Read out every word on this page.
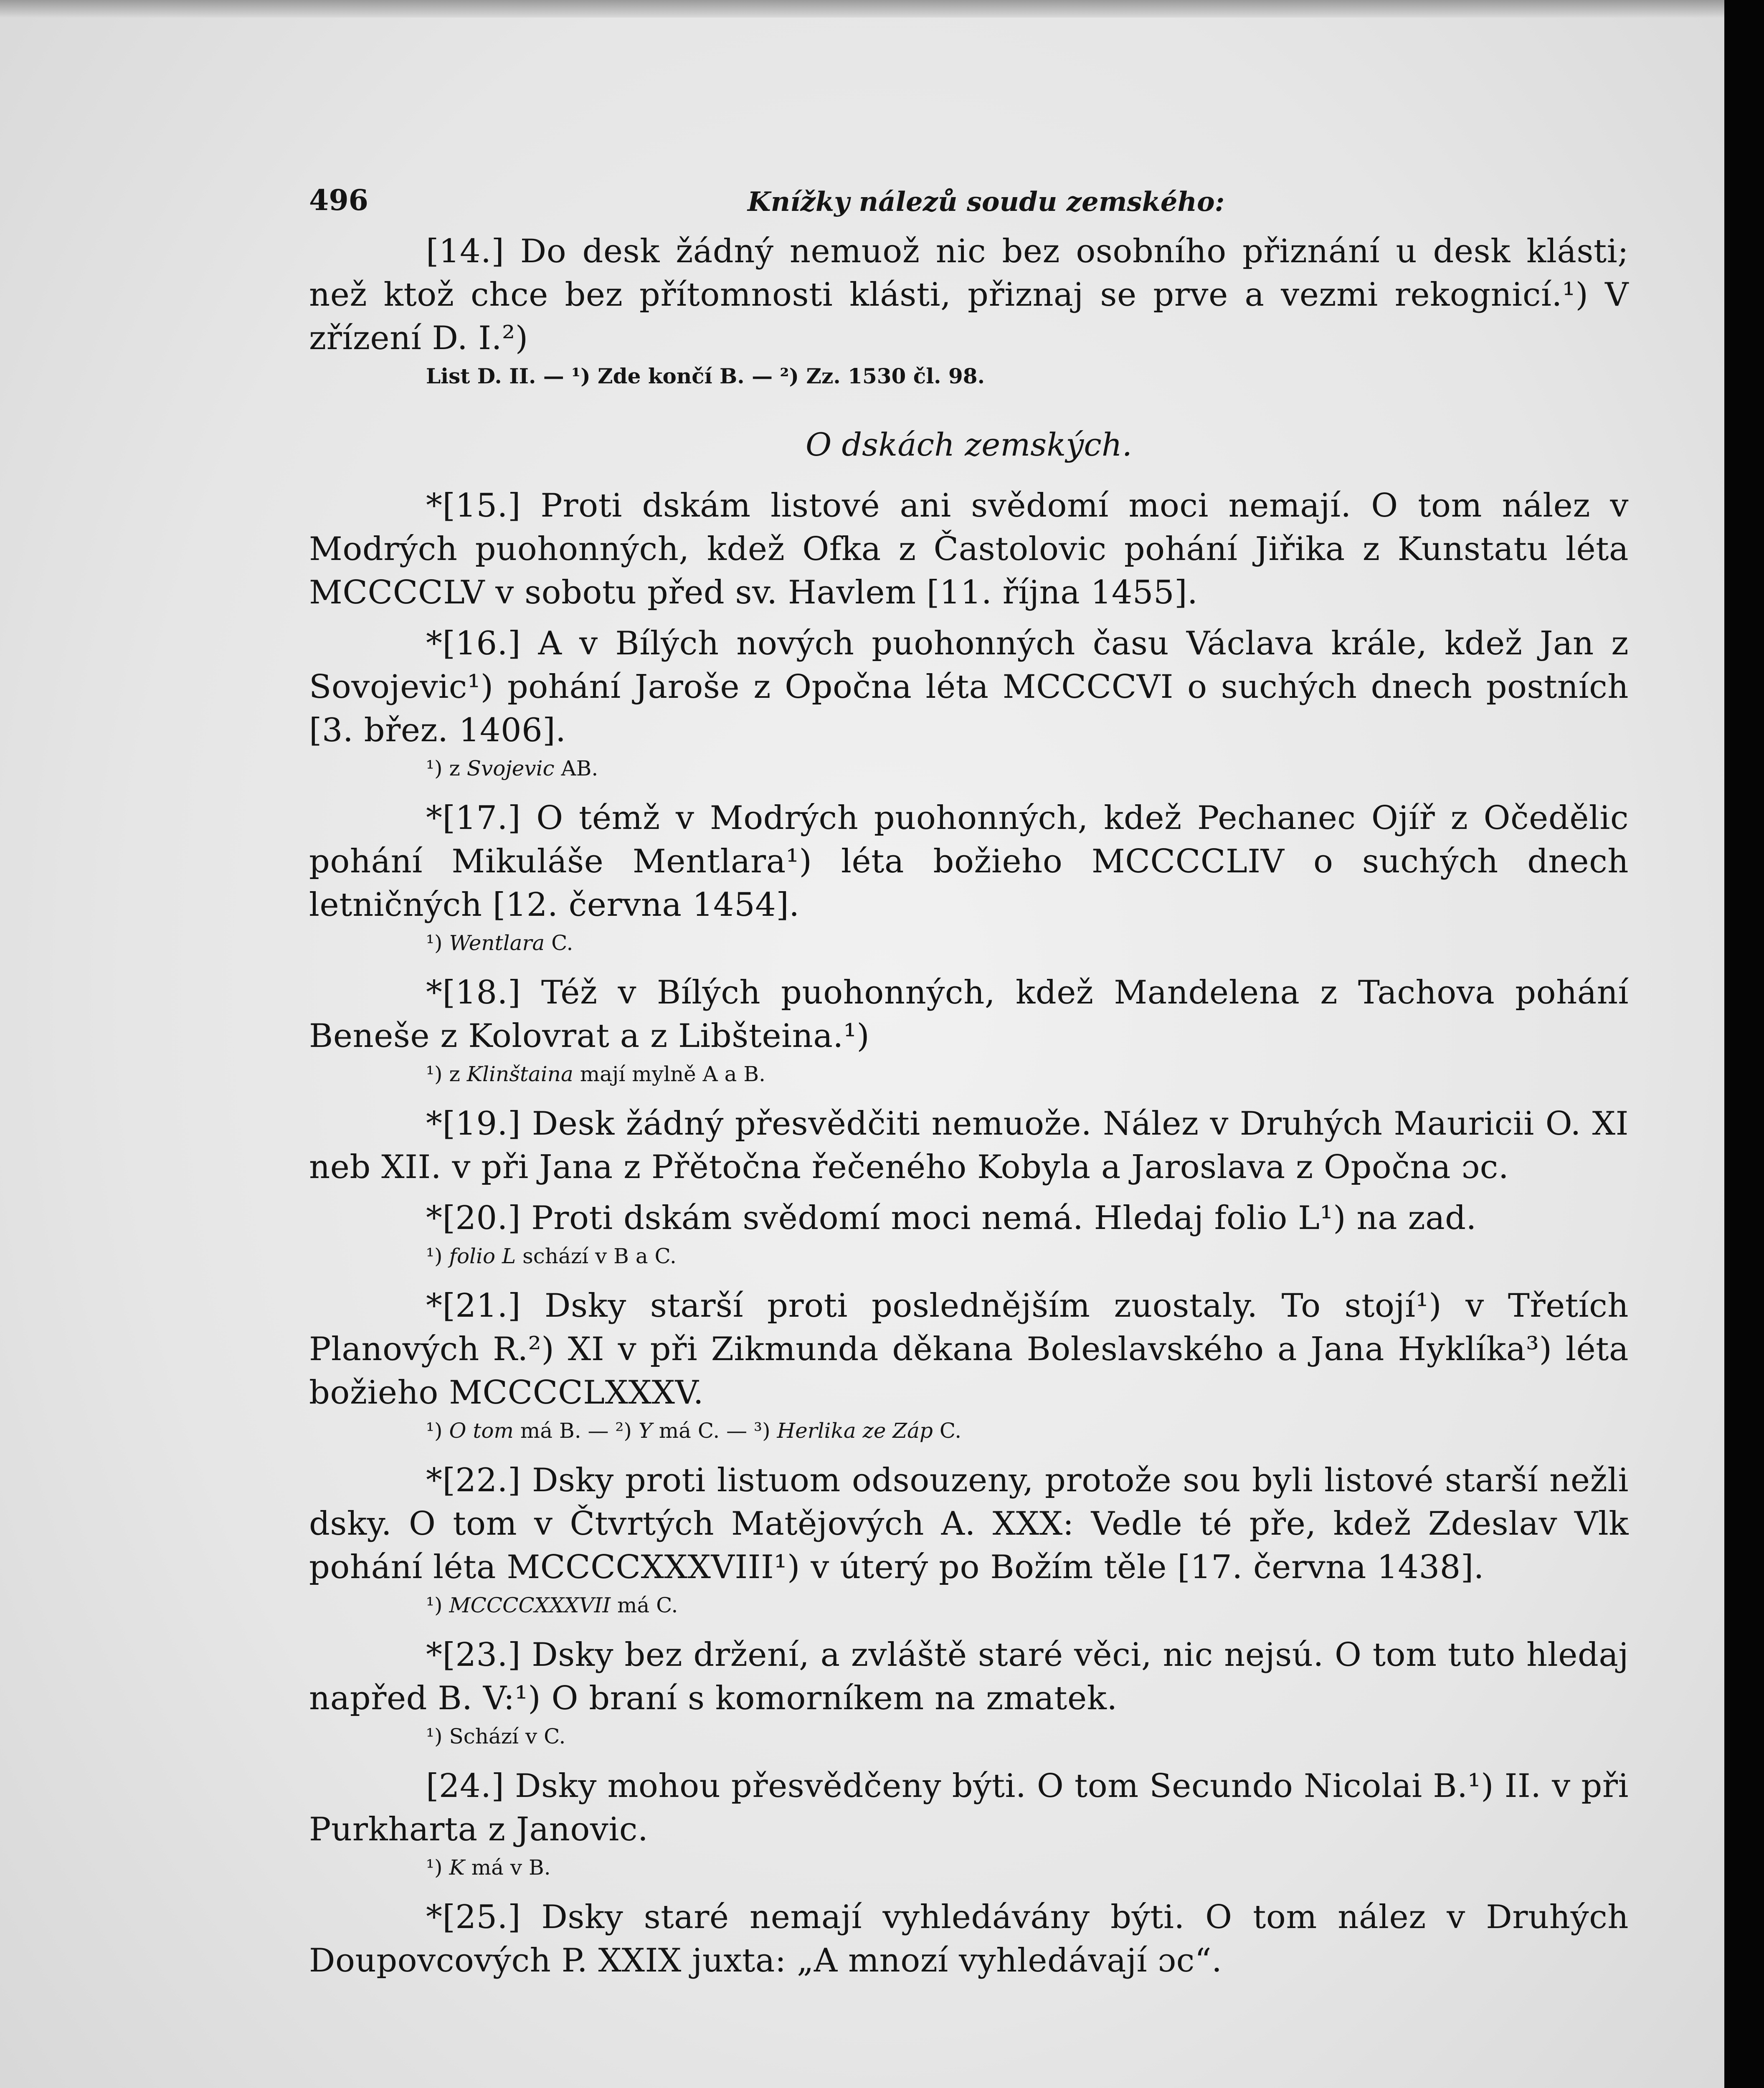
496	Knížky nálezů soudu zemského:

[14.] Do desk žádný nemuož nic bez osobního přiznání u desk klásti; než ktož chce bez přítomnosti klásti, přiznaj se prve a vezmi rekognicí.¹) V zřízení D. I.²)

List D. II. — ¹) Zde končí B. — ²) Zz. 1530 čl. 98.

O dskách zemských.

*[15.] Proti dskám listové ani svědomí moci nemají. O tom nález v Modrých puohonných, kdež Ofka z Častolovic pohání Jiřika z Kunstatu léta MCCCCLV v sobotu před sv. Havlem [11. října 1455].

*[16.] A v Bílých nových puohonných času Václava krále, kdež Jan z Sovojevic¹) pohání Jaroše z Opočna léta MCCCCVI o suchých dnech postních [3. břez. 1406].

¹) z Svojevic AB.

*[17.] O témž v Modrých puohonných, kdež Pechanec Ojíř z Očedělic pohání Mikuláše Mentlara¹) léta božieho MCCCCLIV o suchých dnech letničných [12. června 1454].

¹) Wentlara C.

*[18.] Též v Bílých puohonných, kdež Mandelena z Tachova pohání Beneše z Kolovrat a z Libšteina.¹)

¹) z Klinštaina mají mylně A a B.

*[19.] Desk žádný přesvědčiti nemuože. Nález v Druhých Mauricii O. XI neb XII. v při Jana z Přětočna řečeného Kobyla a Jaroslava z Opočna ɔc.

*[20.] Proti dskám svědomí moci nemá. Hledaj folio L¹) na zad.

¹) folio L schází v B a C.

*[21.] Dsky starší proti poslednějším zuostaly. To stojí¹) v Třetích Planových R.²) XI v při Zikmunda děkana Boleslavského a Jana Hyklíka³) léta božieho MCCCCLXXXV.

¹) O tom má B. — ²) Y má C. — ³) Herlika ze Záp C.

*[22.] Dsky proti listuom odsouzeny, protože sou byli listové starší nežli dsky. O tom v Čtvrtých Matějových A. XXX: Vedle té pře, kdež Zdeslav Vlk pohání léta MCCCCXXXVIII¹) v úterý po Božím těle [17. června 1438].

¹) MCCCCXXXVII má C.

*[23.] Dsky bez držení, a zvláště staré věci, nic nejsú. O tom tuto hledaj napřed B. V:¹) O braní s komorníkem na zmatek.

¹) Schází v C.

[24.] Dsky mohou přesvědčeny býti. O tom Secundo Nicolai B.¹) II. v při Purkharta z Janovic.

¹) K má v B.

*[25.] Dsky staré nemají vyhledávány býti. O tom nález v Druhých Doupovcových P. XXIX juxta: „A mnozí vyhledávají ɔc“.
